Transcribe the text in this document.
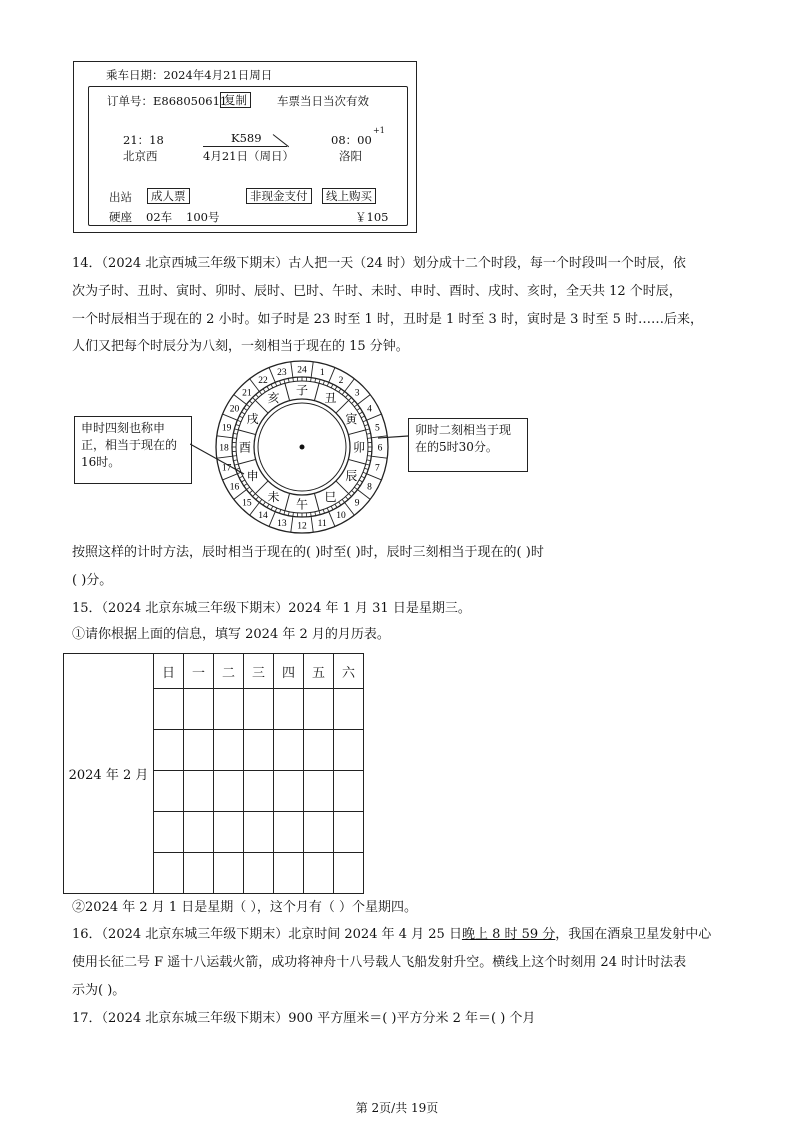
乘车日期：2024年4月21日周日
订单号：E868050611
复制	车票当日当次有效
21：18	K589	08：00
+1
北京西	4月21日（周日）	洛阳
出站	成人票	非现金支付	线上购买
硬座 02车 100号	￥105
14．（2024 北京西城三年级下期末）古人把一天（24 时）划分成十二个时段，每一个时段叫一个时辰，依
次为子时、丑时、寅时、卯时、辰时、巳时、午时、未时、申时、酉时、戌时、亥时，全天共 12 个时辰，
一个时辰相当于现在的 2 小时。如子时是 23 时至 1 时，丑时是 1 时至 3 时，寅时是 3 时至 5 时……后来，
人们又把每个时辰分为八刻，一刻相当于现在的 15 分钟。
24 1
2
3
4
5
6
7
8
9
10
11
12
13
14
15
16
17
18
19
20
21
22
23
子
丑
寅
卯
辰
巳
午
未
申
酉
戌
亥
申时四刻也称申正，相当于现在的16时。
卯时二刻相当于现在的5时30分。
按照这样的计时方法，辰时相当于现在的( )时至( )时，辰时三刻相当于现在的( )时
( )分。
15．（2024 北京东城三年级下期末）2024 年 1 月 31 日是星期三。
①请你根据上面的信息，填写 2024 年 2 月的月历表。
2024 年 2 月	日	一	二	三	四	五	六

②2024 年 2 月 1 日是星期（ ），这个月有（ ）个星期四。
16．（2024 北京东城三年级下期末）北京时间 2024 年 4 月 25 日晚上 8 时 59 分，我国在酒泉卫星发射中心
使用长征二号 F 遥十八运载火箭，成功将神舟十八号载人飞船发射升空。横线上这个时刻用 24 时计时法表
示为( )。
17．（2024 北京东城三年级下期末）900 平方厘米＝( )平方分米 2 年＝( ) 个月
第 2页/共 19页
